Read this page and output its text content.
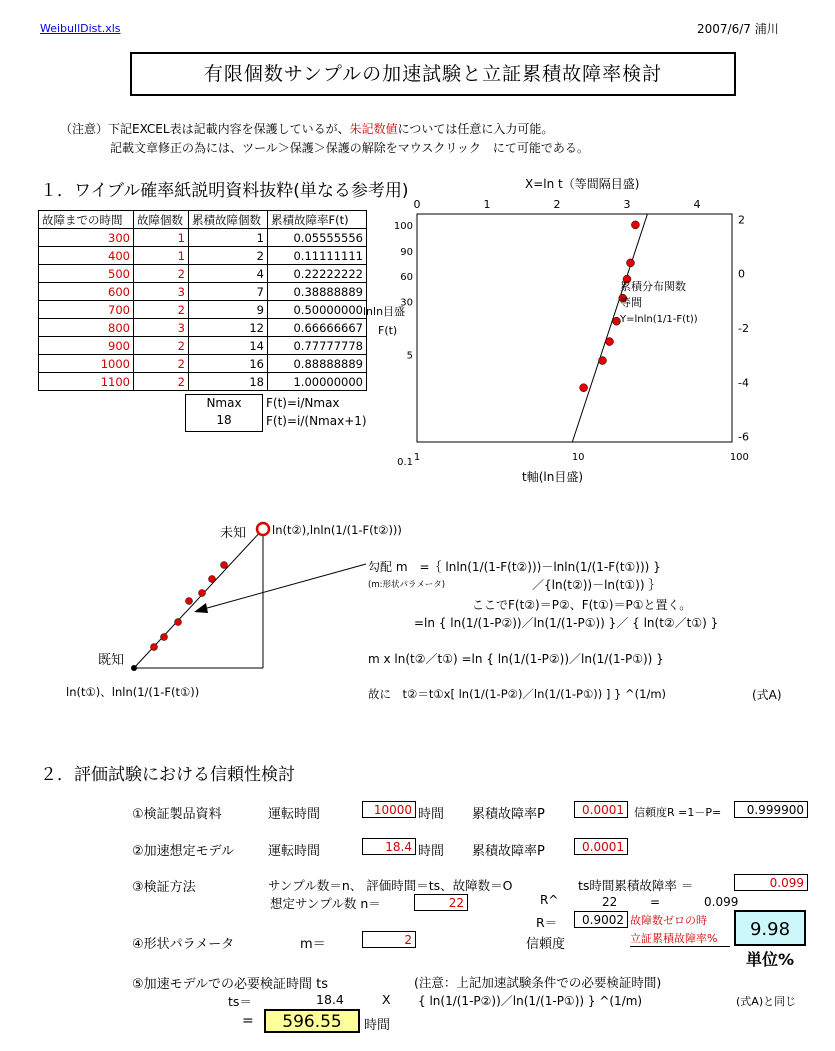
WeibullDist.xls	2007/6/7 浦川
有限個数サンプルの加速試験と立証累積故障率検討
（注意）下記EXCEL表は記載内容を保護しているが、朱記数値については任意に入力可能。
記載文章修正の為には、ツール＞保護＞保護の解除をマウスクリック　にて可能である。
１．ワイブル確率紙説明資料抜粋(単なる参考用)
故障までの時間	故障個数	累積故障個数	累積故障率F(t)
300	1	1	0.05555556
400	1	2	0.11111111
500	2	4	0.22222222
600	3	7	0.38888889
700	2	9	0.50000000
800	3	12	0.66666667
900	2	14	0.77777778
1000	2	16	0.88888889
1100	2	18	1.00000000
Nmax
18
F(t)=i/Nmax
F(t)=i/(Nmax+1)
X=ln t（等間隔目盛)
0	1	2	3	4
1	10	100
100
90
60
30
5
0.1
2
0
-2
-4
-6
lnln目盛
F(t)
t軸(ln目盛)
累積分布関数
等間
Y=lnln(1/1-F(t))
未知 ln(t②),lnln(1/(1-F(t②)))
既知
ln(t①)、lnln(1/(1-F(t①))
勾配 m　=｛ lnln(1/(1-F(t②)))－lnln(1/(1-F(t①))) }
(m:形状パラメータ)	／{ln(t②))－ln(t①)) ｝
ここでF(t②)＝P②、F(t①)＝P①と置く。
=ln { ln(1/(1-P②))／ln(1/(1-P①)) }／ { ln(t②／t①) }
m x ln(t②／t①) =ln { ln(1/(1-P②))／ln(1/(1-P①)) }
故に　t②＝t①x[ ln(1/(1-P②)／ln(1/(1-P①)) ] } ^(1/m)	(式A)
２．評価試験における信頼性検討
①検証製品資料	運転時間	10000 時間 累積故障率P	0.0001 信頼度R =1－P=	0.999900
②加速想定モデル	運転時間	18.4 時間 累積故障率P	0.0001
③検証方法	サンプル数＝n、 評価時間＝ts、故障数＝O	ts時間累積故障率 ＝	0.099
想定サンプル数 n＝	22	R^	22	=	0.099
R＝	0.9002 故障数ゼロの時
立証累積故障率%
④形状パラメータ	m＝	2	信頼度
9.98
単位%
⑤加速モデルでの必要検証時間 ts	(注意：上記加速試験条件での必要検証時間)
ts＝	18.4	X { ln(1/(1-P②))／ln(1/(1-P①)) } ^(1/m)	(式A)と同じ
=	596.55	時間
